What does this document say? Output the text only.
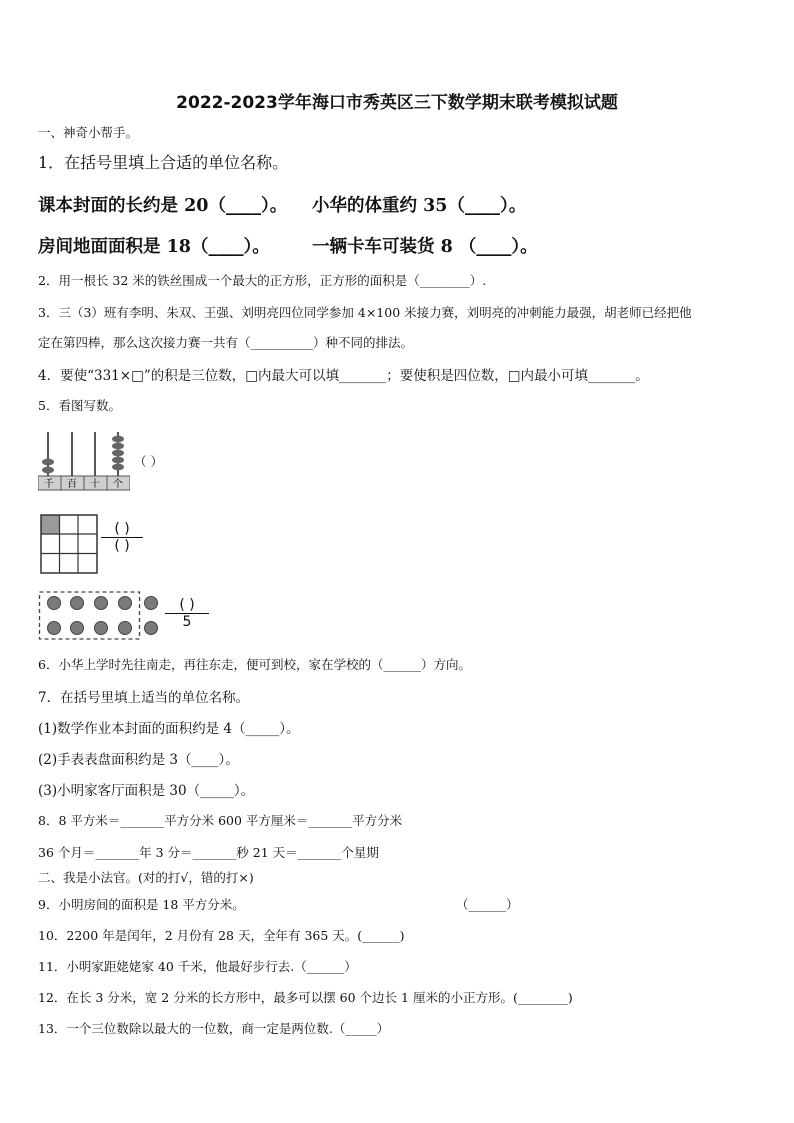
2022-2023学年海口市秀英区三下数学期末联考模拟试题
一、神奇小帮手。
1．在括号里填上合适的单位名称。
课本封面的长约是 20（____）。 小华的体重约 35（____）。
房间地面面积是 18（____）。 一辆卡车可装货 8 （____）。
2．用一根长 32 米的铁丝围成一个最大的正方形，正方形的面积是（________）.
3．三（3）班有李明、朱双、王强、刘明亮四位同学参加 4×100 米接力赛，刘明亮的冲刺能力最强，胡老师已经把他
定在第四棒，那么这次接力赛一共有（__________）种不同的排法。
4．要使“331×□”的积是三位数，□内最大可以填_______；要使积是四位数，□内最小可填_______。
5．看图写数。
千 百 十 个
（ ）
( )
( )
( )
5
6．小华上学时先往南走，再往东走，便可到校，家在学校的（______）方向。
7．在括号里填上适当的单位名称。
(1)数学作业本封面的面积约是 4（_____）。
(2)手表表盘面积约是 3（____）。
(3)小明家客厅面积是 30（_____）。
8．8 平方米＝_______平方分米 600 平方厘米＝_______平方分米
36 个月＝_______年 3 分＝_______秒 21 天＝_______个星期
二、我是小法官。(对的打√，错的打×)
9．小明房间的面积是 18 平方分米。	（______）
10．2200 年是闰年，2 月份有 28 天，全年有 365 天。(______)
11．小明家距姥姥家 40 千米，他最好步行去.（______）
12．在长 3 分米，宽 2 分米的长方形中，最多可以摆 60 个边长 1 厘米的小正方形。(________)
13．一个三位数除以最大的一位数，商一定是两位数.（_____）
